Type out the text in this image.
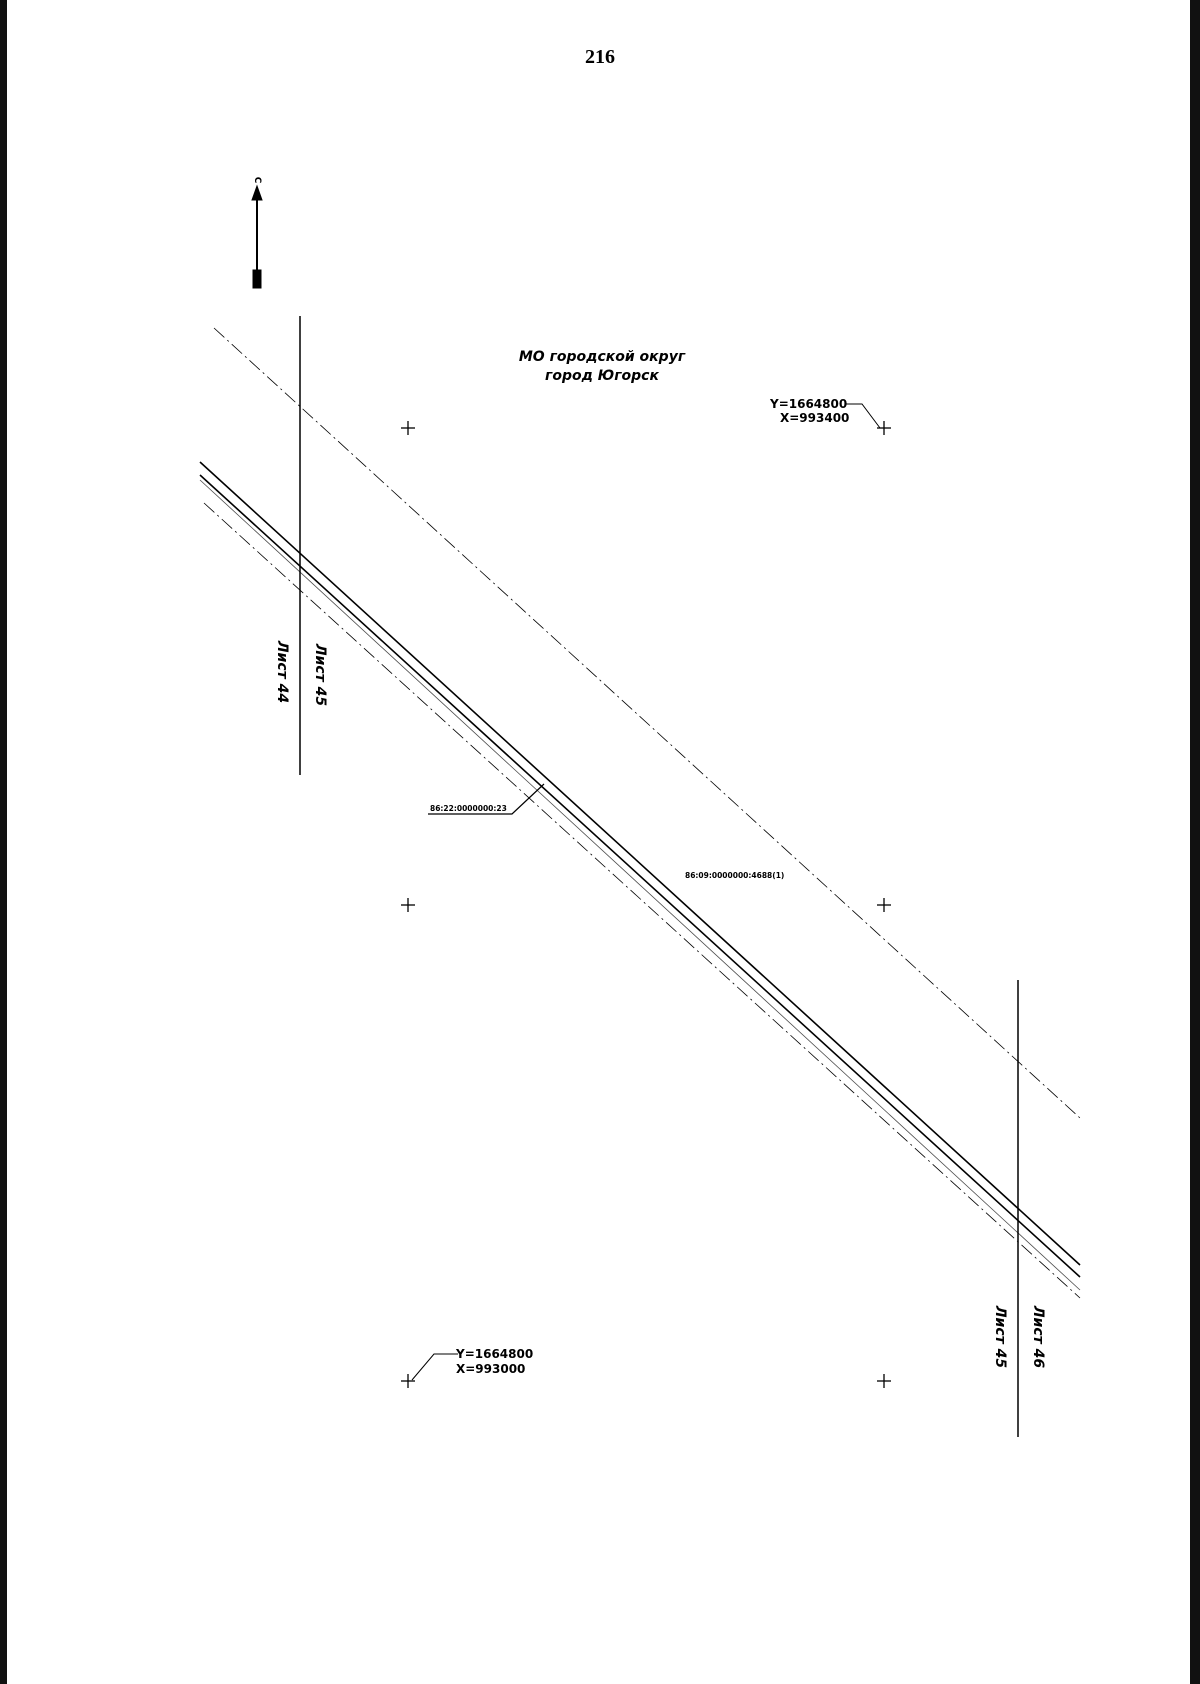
216
С
МО городской округ
город Югорск
Y=1664800
X=993400
Y=1664800
X=993000
86:22:0000000:23
86:09:0000000:4688(1)
Лист 44 Лист 45
Лист 45 Лист 46
